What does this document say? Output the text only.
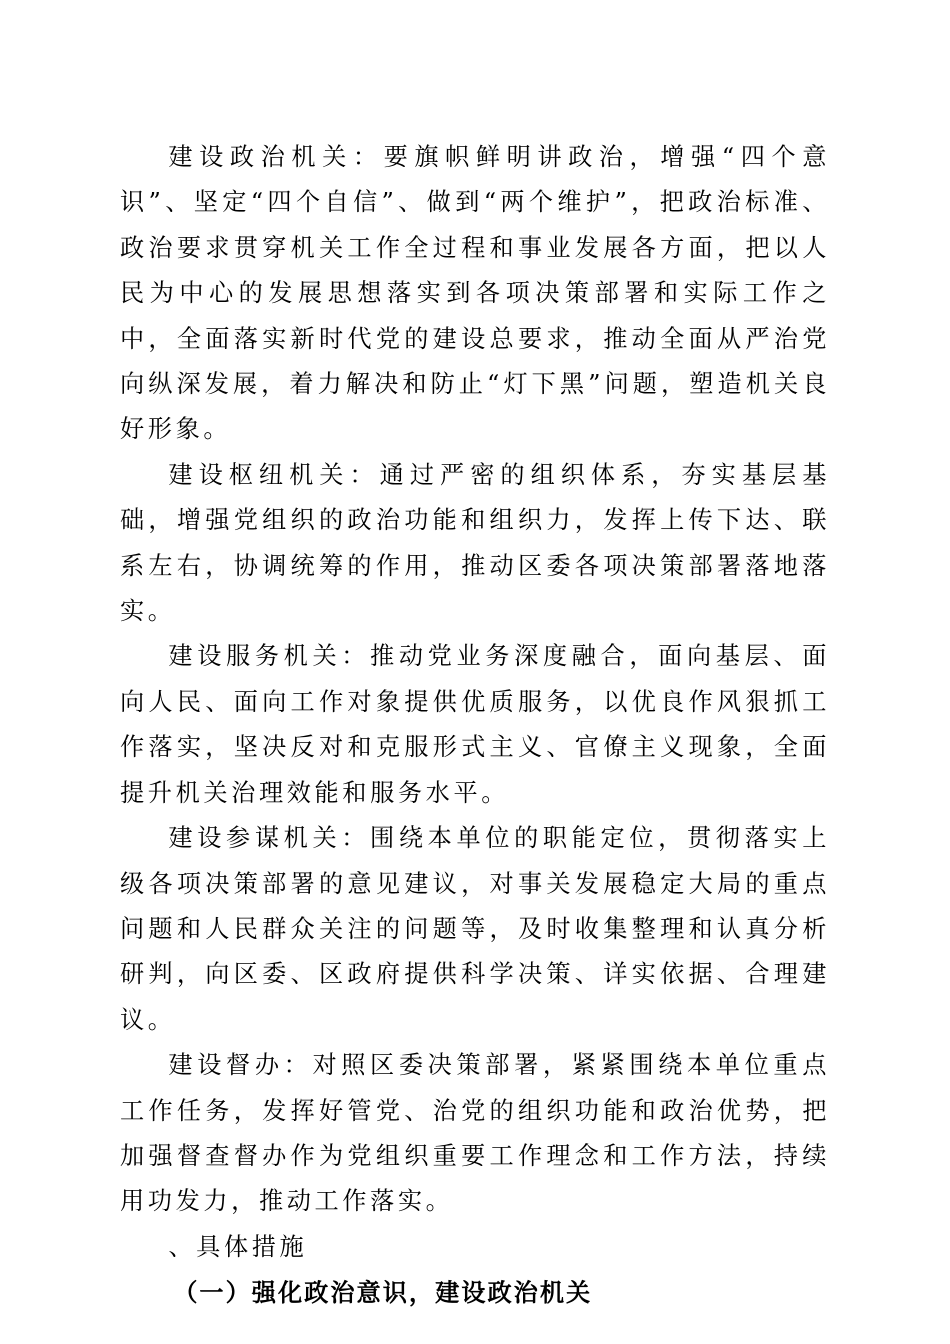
建设政治机关：要旗帜鲜明讲政治，增强“四个意识”、坚定“四个自信”、做到“两个维护”，把政治标准、政治要求贯穿机关工作全过程和事业发展各方面，把以人民为中心的发展思想落实到各项决策部署和实际工作之中，全面落实新时代党的建设总要求，推动全面从严治党向纵深发展，着力解决和防止“灯下黑”问题，塑造机关良好形象。

建设枢纽机关：通过严密的组织体系，夯实基层基础，增强党组织的政治功能和组织力，发挥上传下达、联系左右，协调统筹的作用，推动区委各项决策部署落地落实。

建设服务机关：推动党业务深度融合，面向基层、面向人民、面向工作对象提供优质服务，以优良作风狠抓工作落实，坚决反对和克服形式主义、官僚主义现象，全面提升机关治理效能和服务水平。

建设参谋机关：围绕本单位的职能定位，贯彻落实上级各项决策部署的意见建议，对事关发展稳定大局的重点问题和人民群众关注的问题等，及时收集整理和认真分析研判，向区委、区政府提供科学决策、详实依据、合理建议。

建设督办：对照区委决策部署，紧紧围绕本单位重点工作任务，发挥好管党、治党的组织功能和政治优势，把加强督查督办作为党组织重要工作理念和工作方法，持续用功发力，推动工作落实。

、具体措施

（一）强化政治意识，建设政治机关
